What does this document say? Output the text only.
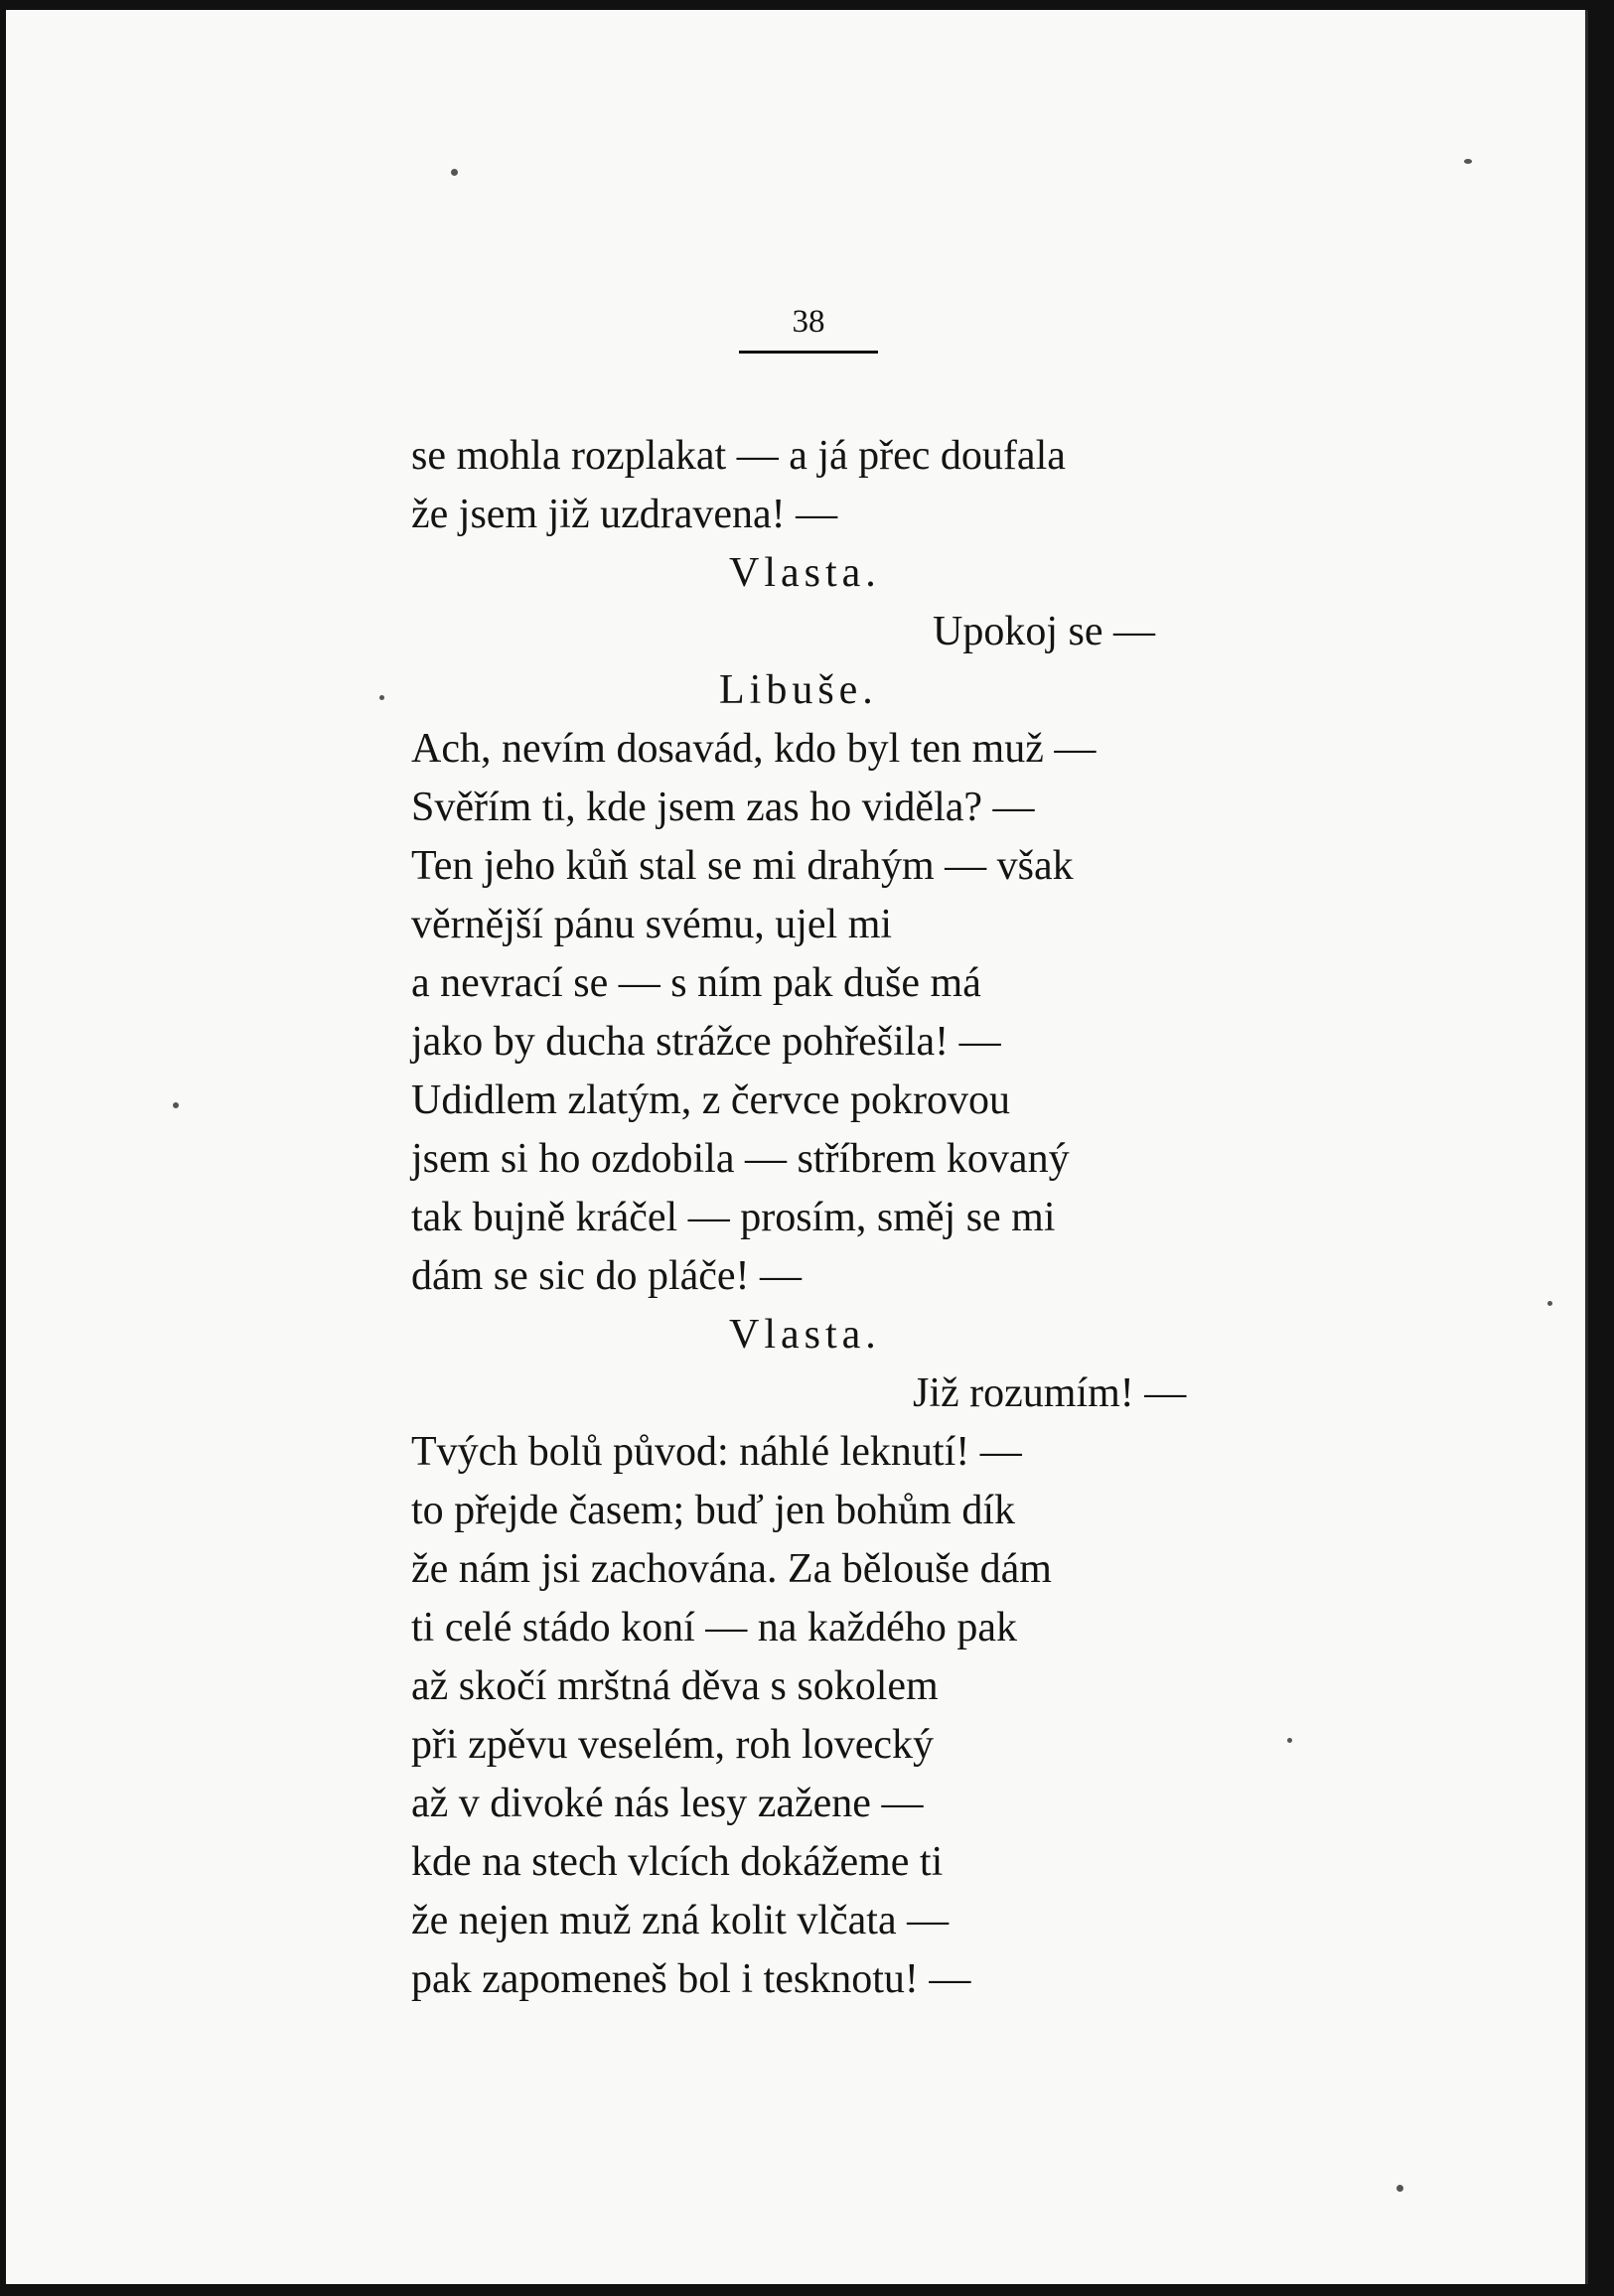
38

se mohla rozplakat — a já přec doufala
že jsem již uzdravena! —
Vlasta.
Upokoj se —
Libuše.
Ach, nevím dosavád, kdo byl ten muž —
Svěřím ti, kde jsem zas ho viděla? —
Ten jeho kůň stal se mi drahým — však
věrnější pánu svému, ujel mi
a nevrací se — s ním pak duše má
jako by ducha strážce pohřešila! —
Udidlem zlatým, z červce pokrovou
jsem si ho ozdobila — stříbrem kovaný
tak bujně kráčel — prosím, směj se mi
dám se sic do pláče! —
Vlasta.
Již rozumím! —
Tvých bolů původ: náhlé leknutí! —
to přejde časem; buď jen bohům dík
že nám jsi zachována. Za bělouše dám
ti celé stádo koní — na každého pak
až skočí mrštná děva s sokolem
při zpěvu veselém, roh lovecký
až v divoké nás lesy zažene —
kde na stech vlcích dokážeme ti
že nejen muž zná kolit vlčata —
pak zapomeneš bol i tesknotu! —
